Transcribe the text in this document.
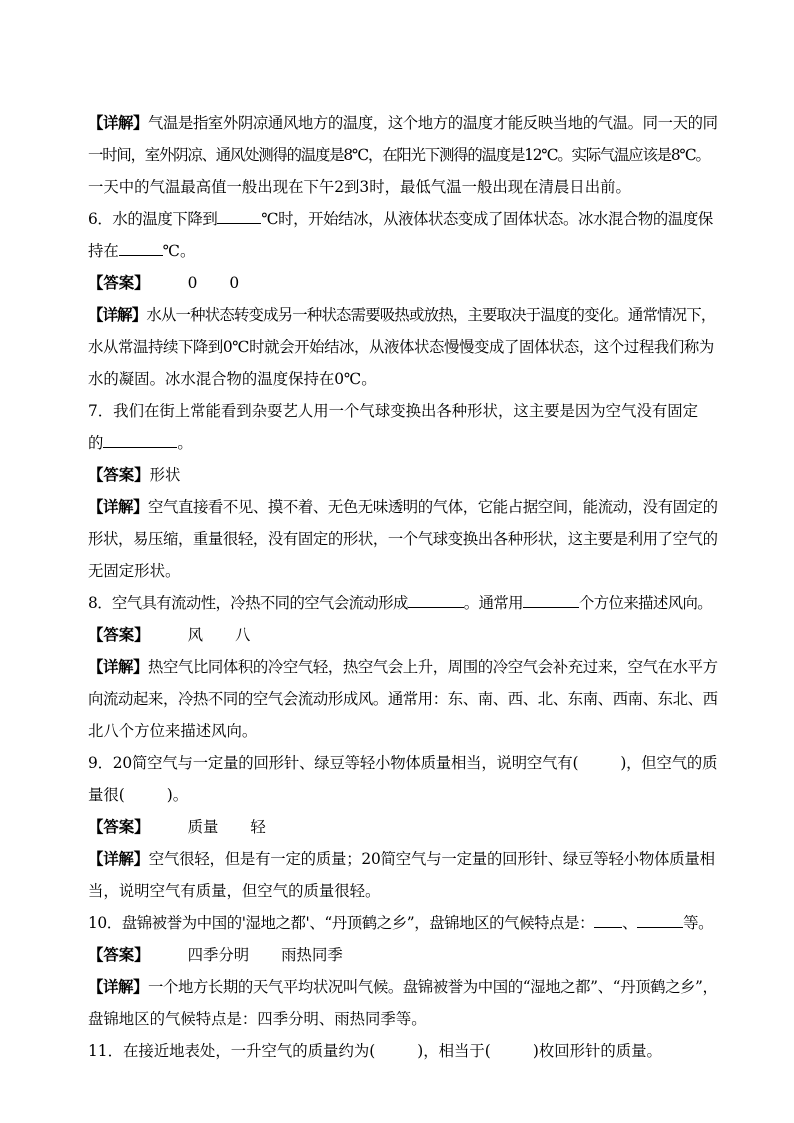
【详解】气温是指室外阴凉通风地方的温度，这个地方的温度才能反映当地的气温。同一天的同
一时间，室外阴凉、通风处测得的温度是8℃，在阳光下测得的温度是12℃。实际气温应该是8℃。
一天中的气温最高值一般出现在下午2到3时，最低气温一般出现在清晨日出前。
6．水的温度下降到	℃时，开始结冰，从液体状态变成了固体状态。冰水混合物的温度保
持在	℃。
【答案】 0 0
【详解】水从一种状态转变成另一种状态需要吸热或放热，主要取决于温度的变化。通常情况下，
水从常温持续下降到0℃时就会开始结冰，从液体状态慢慢变成了固体状态，这个过程我们称为
水的凝固。冰水混合物的温度保持在0℃。
7．我们在街上常能看到杂耍艺人用一个气球变换出各种形状，这主要是因为空气没有固定
的	。
【答案】形状
【详解】空气直接看不见、摸不着、无色无味透明的气体，它能占据空间，能流动，没有固定的
形状，易压缩，重量很轻，没有固定的形状，一个气球变换出各种形状，这主要是利用了空气的
无固定形状。
8．空气具有流动性，冷热不同的空气会流动形成	。通常用	个方位来描述风向。
【答案】 风 八
【详解】热空气比同体积的冷空气轻，热空气会上升，周围的冷空气会补充过来，空气在水平方
向流动起来，冷热不同的空气会流动形成风。通常用：东、南、西、北、东南、西南、东北、西
北八个方位来描述风向。
9．20简空气与一定量的回形针、绿豆等轻小物体质量相当，说明空气有(	)，但空气的质
量很(	)。
【答案】 质量 轻
【详解】空气很轻，但是有一定的质量；20简空气与一定量的回形针、绿豆等轻小物体质量相
当，说明空气有质量，但空气的质量很轻。
10．盘锦被誉为中国的'湿地之都'、“丹顶鹤之乡”，盘锦地区的气候特点是： 、	等。
【答案】 四季分明 雨热同季
【详解】一个地方长期的天气平均状况叫气候。盘锦被誉为中国的“湿地之都”、“丹顶鹤之乡”，
盘锦地区的气候特点是：四季分明、雨热同季等。
11．在接近地表处，一升空气的质量约为(	)，相当于(	)枚回形针的质量。
